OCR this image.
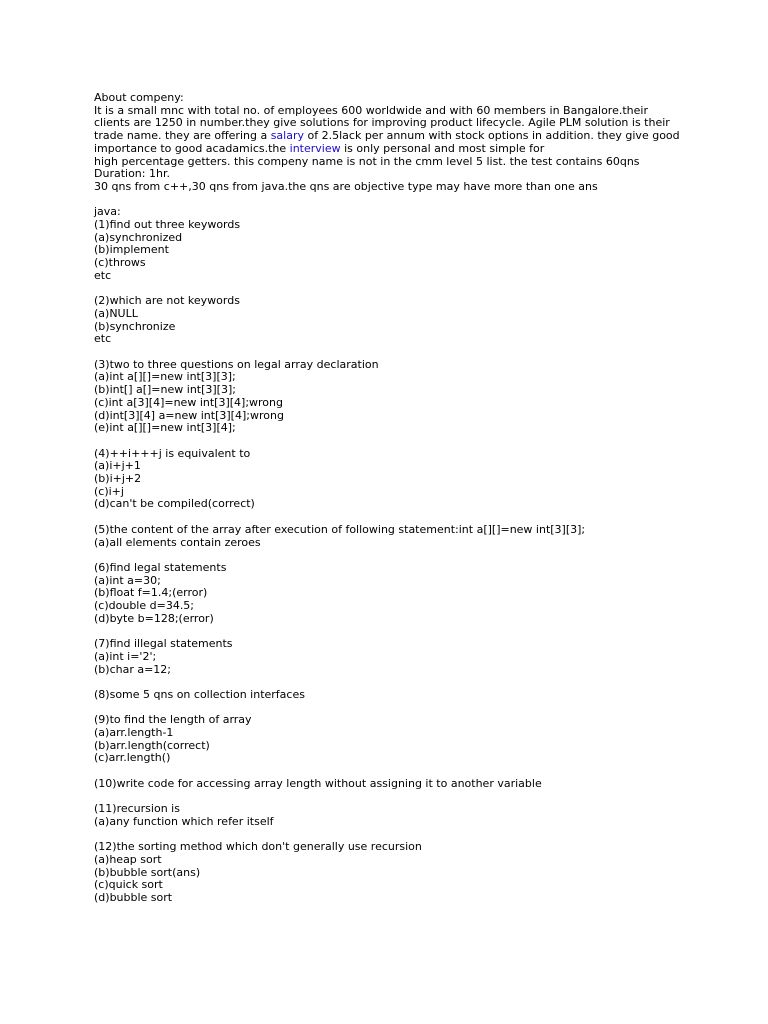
About compeny:
It is a small mnc with total no. of employees 600 worldwide and with 60 members in Bangalore.their
clients are 1250 in number.they give solutions for improving product lifecycle. Agile PLM solution is their
trade name. they are offering a salary of 2.5lack per annum with stock options in addition. they give good
importance to good acadamics.the interview is only personal and most simple for
high percentage getters. this compeny name is not in the cmm level 5 list. the test contains 60qns
Duration: 1hr.
30 qns from c++,30 qns from java.the qns are objective type may have more than one ans
java:
(1)find out three keywords
(a)synchronized
(b)implement
(c)throws
etc
(2)which are not keywords
(a)NULL
(b)synchronize
etc
(3)two to three questions on legal array declaration
(a)int a[][]=new int[3][3];
(b)int[] a[]=new int[3][3];
(c)int a[3][4]=new int[3][4];wrong
(d)int[3][4] a=new int[3][4];wrong
(e)int a[][]=new int[3][4];
(4)++i+++j is equivalent to
(a)i+j+1
(b)i+j+2
(c)i+j
(d)can't be compiled(correct)
(5)the content of the array after execution of following statement:int a[][]=new int[3][3];
(a)all elements contain zeroes
(6)find legal statements
(a)int a=30;
(b)float f=1.4;(error)
(c)double d=34.5;
(d)byte b=128;(error)
(7)find illegal statements
(a)int i='2';
(b)char a=12;
(8)some 5 qns on collection interfaces
(9)to find the length of array
(a)arr.length-1
(b)arr.length(correct)
(c)arr.length()
(10)write code for accessing array length without assigning it to another variable
(11)recursion is
(a)any function which refer itself
(12)the sorting method which don't generally use recursion
(a)heap sort
(b)bubble sort(ans)
(c)quick sort
(d)bubble sort
